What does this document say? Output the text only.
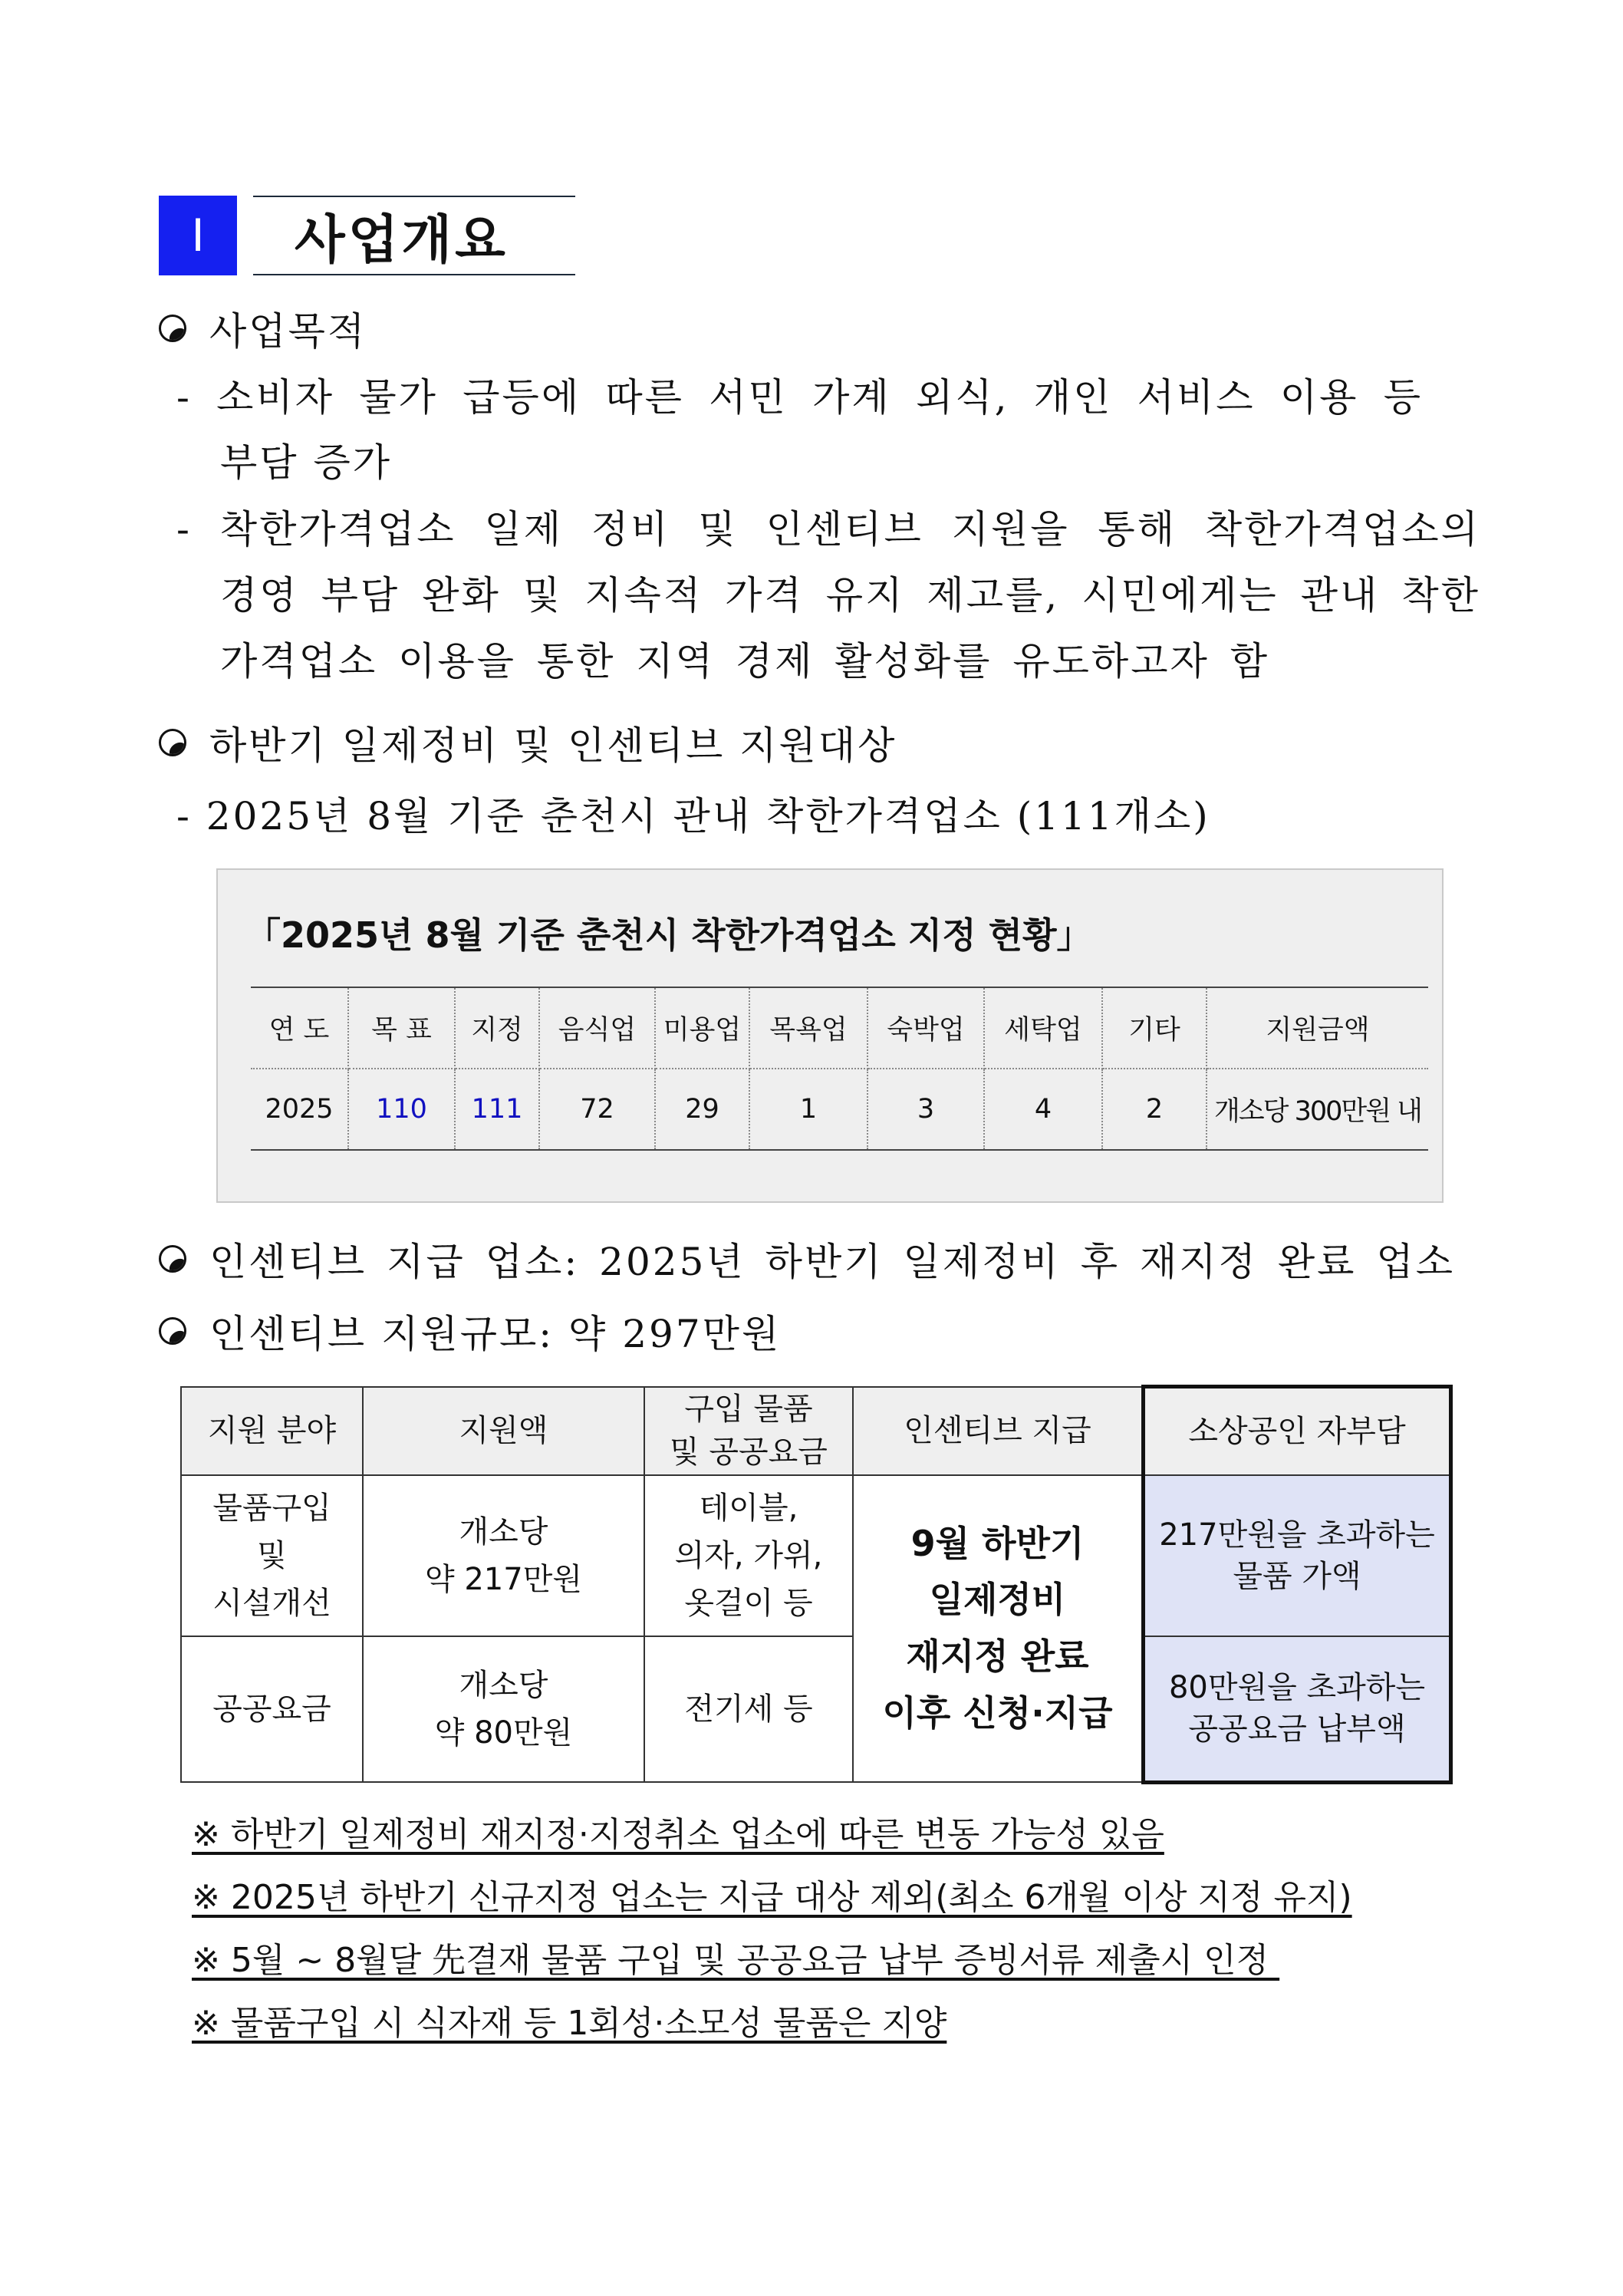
Ⅰ	사업개요
사업목적
- 소비자 물가 급등에 따른 서민 가계 외식, 개인 서비스 이용 등
부담 증가
- 착한가격업소 일제 정비 및 인센티브 지원을 통해 착한가격업소의
경영 부담 완화 및 지속적 가격 유지 제고를, 시민에게는 관내 착한
가격업소 이용을 통한 지역 경제 활성화를 유도하고자 함
하반기 일제정비 및 인센티브 지원대상
- 2025년 8월 기준 춘천시 관내 착한가격업소 (111개소)
「2025년 8월 기준 춘천시 착한가격업소 지정 현황」
연 도	목 표	지정	음식업	미용업	목욕업	숙박업	세탁업	기타	지원금액
2025	110	111	72	29	1	3	4	2	개소당 300만원 내
인센티브 지급 업소: 2025년 하반기 일제정비 후 재지정 완료 업소
인센티브 지원규모: 약 297만원
지원 분야	지원액	구입 물품
및 공공요금	인센티브 지급	소상공인 자부담
물품구입
및
시설개선	개소당
약 217만원	테이블,
의자, 가위,
옷걸이 등	9월 하반기
일제정비
재지정 완료
이후 신청·지급	217만원을 초과하는
물품 가액
공공요금	개소당
약 80만원	전기세 등		80만원을 초과하는
공공요금 납부액
※ 하반기 일제정비 재지정·지정취소 업소에 따른 변동 가능성 있음
※ 2025년 하반기 신규지정 업소는 지급 대상 제외(최소 6개월 이상 지정 유지)
※ 5월 ~ 8월달 先결재 물품 구입 및 공공요금 납부 증빙서류 제출시 인정
※ 물품구입 시 식자재 등 1회성·소모성 물품은 지양
